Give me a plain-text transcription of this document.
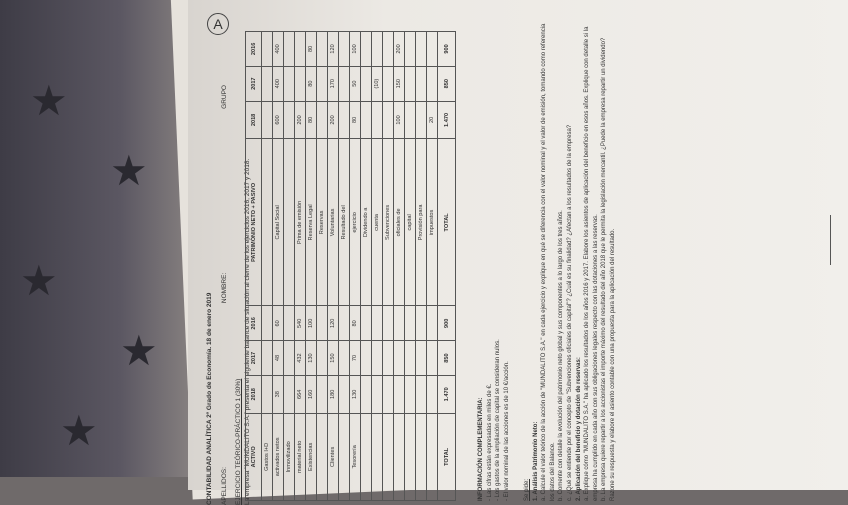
★
★
★
★
★	CONTABILIDAD ANALÍTICA 2º Grado de Economía. 18 de enero 2019 APELLIDOS:
NOMBRE:
GRUPO
EJERCICIO TEÓRICO-PRÁCTICO 1 (30%) La empresa "MUNDALITO S.A." presenta el siguiente balance de situación al cierre de los ejercicios 2016, 2017 y 2018.
A
ACTIVO	2018	2017	2016	PATRIMONIO NETO + PASIVO	2018	2017	2016
Gastos I+D							
activados netos	38	48	60	Capital Social	600	400	400
Inmovilizado							
material neto	664	432	540	Prima de emisión	200		
Existencias	160	130	100	Reserva Legal	80	80	80
				Reservas			
Clientes	180	150	120	Voluntarias	200	170	120
				Resultado del			
Tesorería	130	70	80	ejercicio	80	50	100
				Dividendo a			
				cuenta		(10)	
				Subvenciones			
				oficiales de	100	150	200
				capital			
				Provisión para			
				impuestos	20		
TOTAL	1.470	850	900	TOTAL	1.470	850	900
INFORMACIÓN COMPLEMENTARIA: - Las cifras están expresadas en miles de €. - Los gastos de la ampliación de capital se consideran nulos. - El valor nominal de las acciones es de 10 €/acción. Se pide: 1. Análisis Patrimonio Neto: a. Calcule el valor teórico de la acción de "MUNDALITO S.A." en cada ejercicio y explique en qué se diferencia con el valor nominal y el valor de emisión, tomando como referencia los datos del Balance. b. Comente con detalle la evolución del patrimonio neto global y sus componentes a lo largo de los tres años. c. ¿Qué se entiende por el concepto de "Subvenciones oficiales de capital"? ¿Cuál es su finalidad? ¿Afectan a los resultados de la empresa? 2. Aplicación del beneficio y dotación de reservas: a. Explique cómo "MUNDALITO S.A." ha aplicado los resultados de los años 2016 y 2017. Elabore los asientos de aplicación del beneficio en esos años. Explique con detalle si la empresa ha cumplido en cada año con sus obligaciones legales respecto con las dotaciones a las reservas. b. La empresa quiere repartir a los accionistas el importe máximo del resultado del año 2018 que le permita la legislación mercantil. ¿Puede la empresa repartir un dividendo? Razone su respuesta y elabore el asiento contable con una propuesta para la aplicación del resultado.
